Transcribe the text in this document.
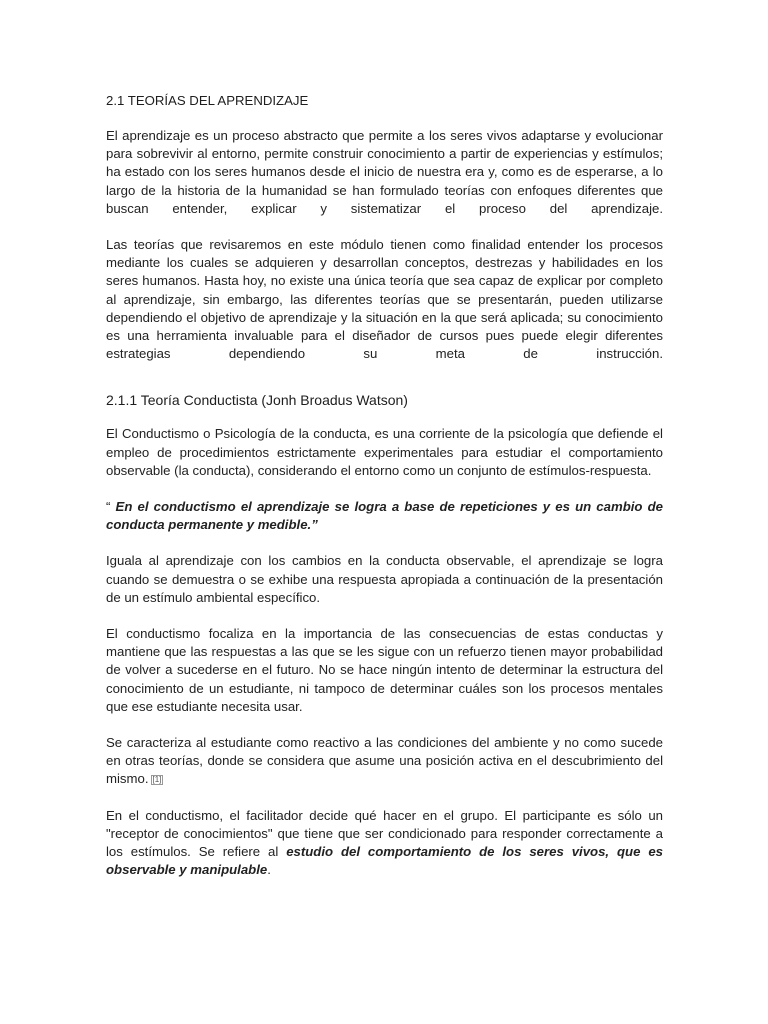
2.1 TEORÍAS DEL APRENDIZAJE

El aprendizaje es un proceso abstracto que permite a los seres vivos adaptarse y evolucionar para sobrevivir al entorno, permite construir conocimiento a partir de experiencias y estímulos; ha estado con los seres humanos desde el inicio de nuestra era y, como es de esperarse, a lo largo de la historia de la humanidad se han formulado teorías con enfoques diferentes que buscan entender, explicar y sistematizar el proceso del aprendizaje.

Las teorías que revisaremos en este módulo tienen como finalidad entender los procesos mediante los cuales se adquieren y desarrollan conceptos, destrezas y habilidades en los seres humanos. Hasta hoy, no existe una única teoría que sea capaz de explicar por completo al aprendizaje, sin embargo, las diferentes teorías que se presentarán, pueden utilizarse dependiendo el objetivo de aprendizaje y la situación en la que será aplicada; su conocimiento es una herramienta invaluable para el diseñador de cursos pues puede elegir diferentes estrategias dependiendo su meta de instrucción.

2.1.1 Teoría Conductista (Jonh Broadus Watson)

El Conductismo o Psicología de la conducta, es una corriente de la psicología que defiende el empleo de procedimientos estrictamente experimentales para estudiar el comportamiento observable (la conducta), considerando el entorno como un conjunto de estímulos-respuesta.

“ En el conductismo el aprendizaje se logra a base de repeticiones y es un cambio de conducta permanente y medible.”

Iguala al aprendizaje con los cambios en la conducta observable, el aprendizaje se logra cuando se demuestra o se exhibe una respuesta apropiada a continuación de la presentación de un estímulo ambiental específico.

El conductismo focaliza en la importancia de las consecuencias de estas conductas y mantiene que las respuestas a las que se les sigue con un refuerzo tienen mayor probabilidad de volver a sucederse en el futuro. No se hace ningún intento de determinar la estructura del conocimiento de un estudiante, ni tampoco de determinar cuáles son los procesos mentales que ese estudiante necesita usar.

Se caracteriza al estudiante como reactivo a las condiciones del ambiente y no como sucede en otras teorías, donde se considera que asume una posición activa en el descubrimiento del mismo. [1]

En el conductismo, el facilitador decide qué hacer en el grupo. El participante es sólo un "receptor de conocimientos" que tiene que ser condicionado para responder correctamente a los estímulos. Se refiere al estudio del comportamiento de los seres vivos, que es observable y manipulable.
